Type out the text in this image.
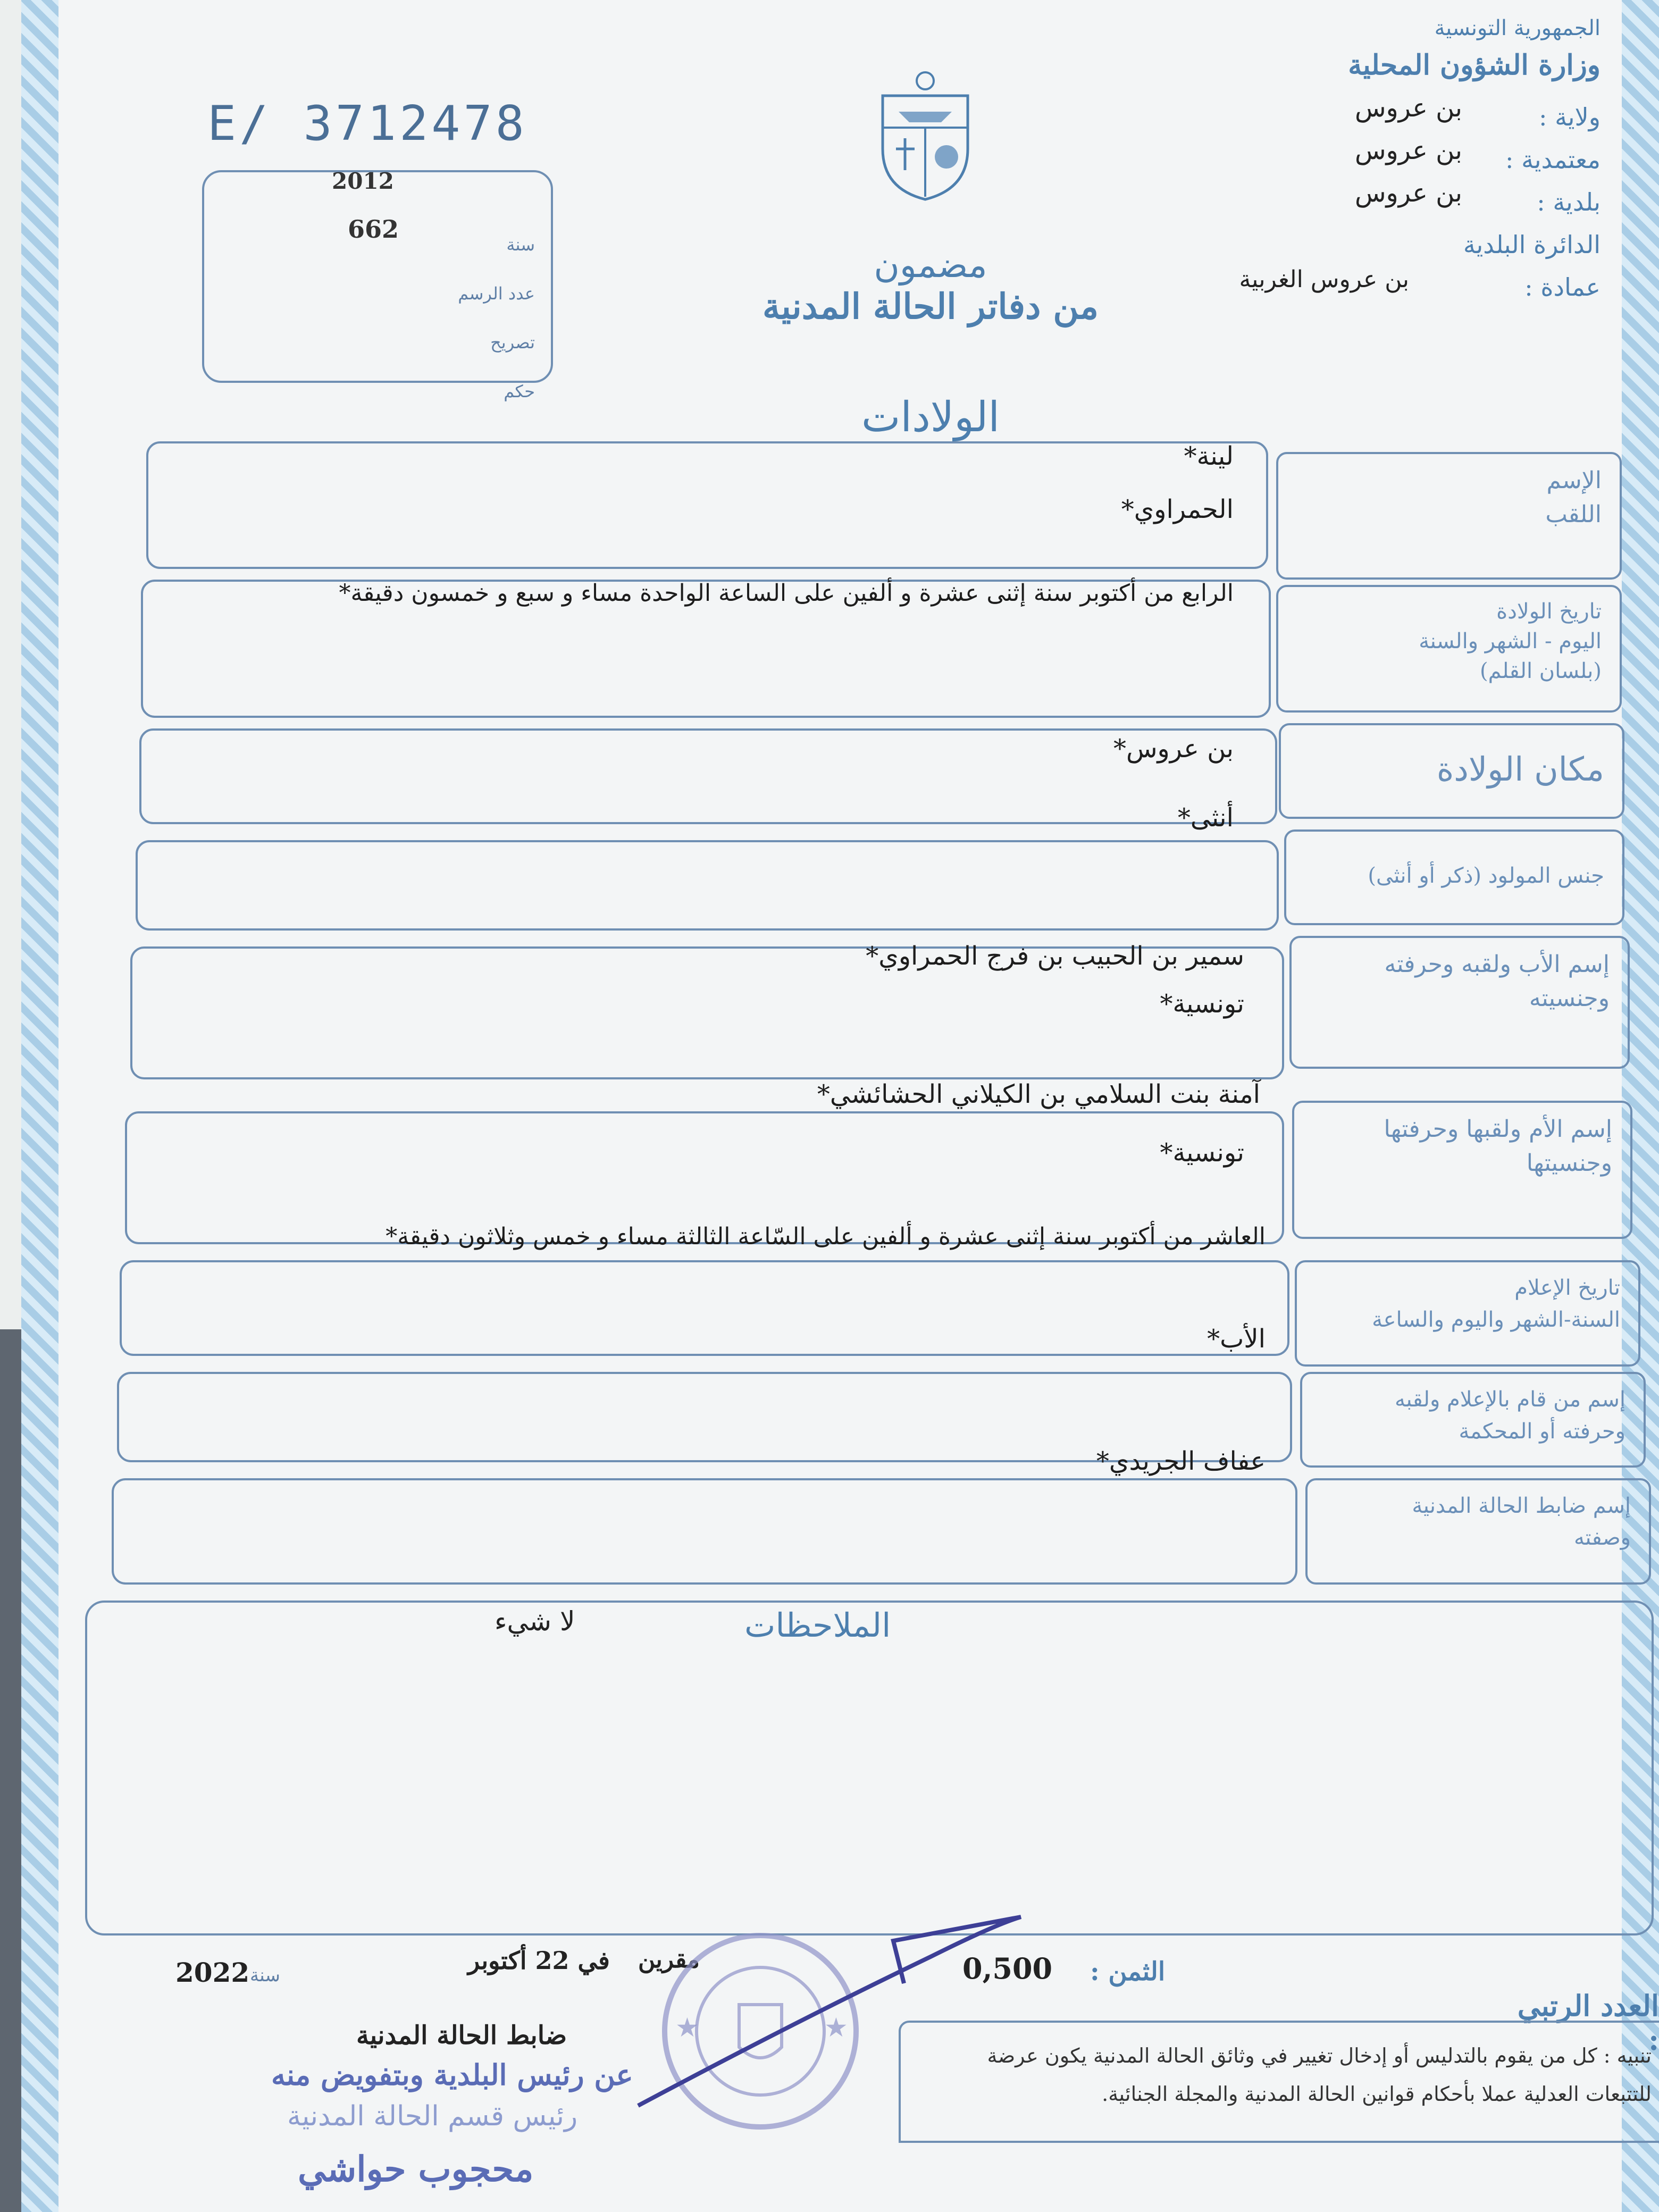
الجمهورية التونسية
وزارة الشؤون المحلية
ولاية :
بن عروس
معتمدية :
بن عروس
بلدية :
بن عروس
الدائرة البلدية
عمادة :
بن عروس الغربية
E/ 3712478
2012
662
سنة
عدد الرسم
تصريح
حكم
مضمون
من دفاتر الحالة المدنية
الولادات
الإسم
اللقب
لينة*
الحمراوي*
تاريخ الولادة
اليوم - الشهر والسنة
(بلسان القلم)
الرابع من أكتوبر سنة إثنى عشرة و ألفين على الساعة الواحدة مساء و سبع و خمسون دقيقة*
مكان الولادة
بن عروس*
جنس المولود (ذكر أو أنثى)
أنثى*
إسم الأب ولقبه وحرفته
وجنسيته
سمير بن الحبيب بن فرج الحمراوي*
تونسية*
إسم الأم ولقبها وحرفتها
وجنسيتها
آمنة بنت السلامي بن الكيلاني الحشائشي*
تونسية*
تاريخ الإعلام
السنة-الشهر واليوم والساعة
العاشر من أكتوبر سنة إثنى عشرة و ألفين على السّاعة الثالثة مساء و خمس وثلاثون دقيقة*
إسم من قام بالإعلام ولقبه
وحرفته أو المحكمة
الأب*
إسم ضابط الحالة المدنية
وصفته
عفاف الجريدي*
الملاحظات
لا شيء
الثمن :
0,500
مقرين
في 22 أكتوبر
سنة
2022
العدد الرتبي :
تنبيه : كل من يقوم بالتدليس أو إدخال تغيير في وثائق الحالة المدنية يكون عرضة للتتبعات العدلية عملا بأحكام قوانين الحالة المدنية والمجلة الجنائية.
ضابط الحالة المدنية
عن رئيس البلدية وبتفويض منه
رئيس قسم الحالة المدنية
محجوب حواشي
★	★
